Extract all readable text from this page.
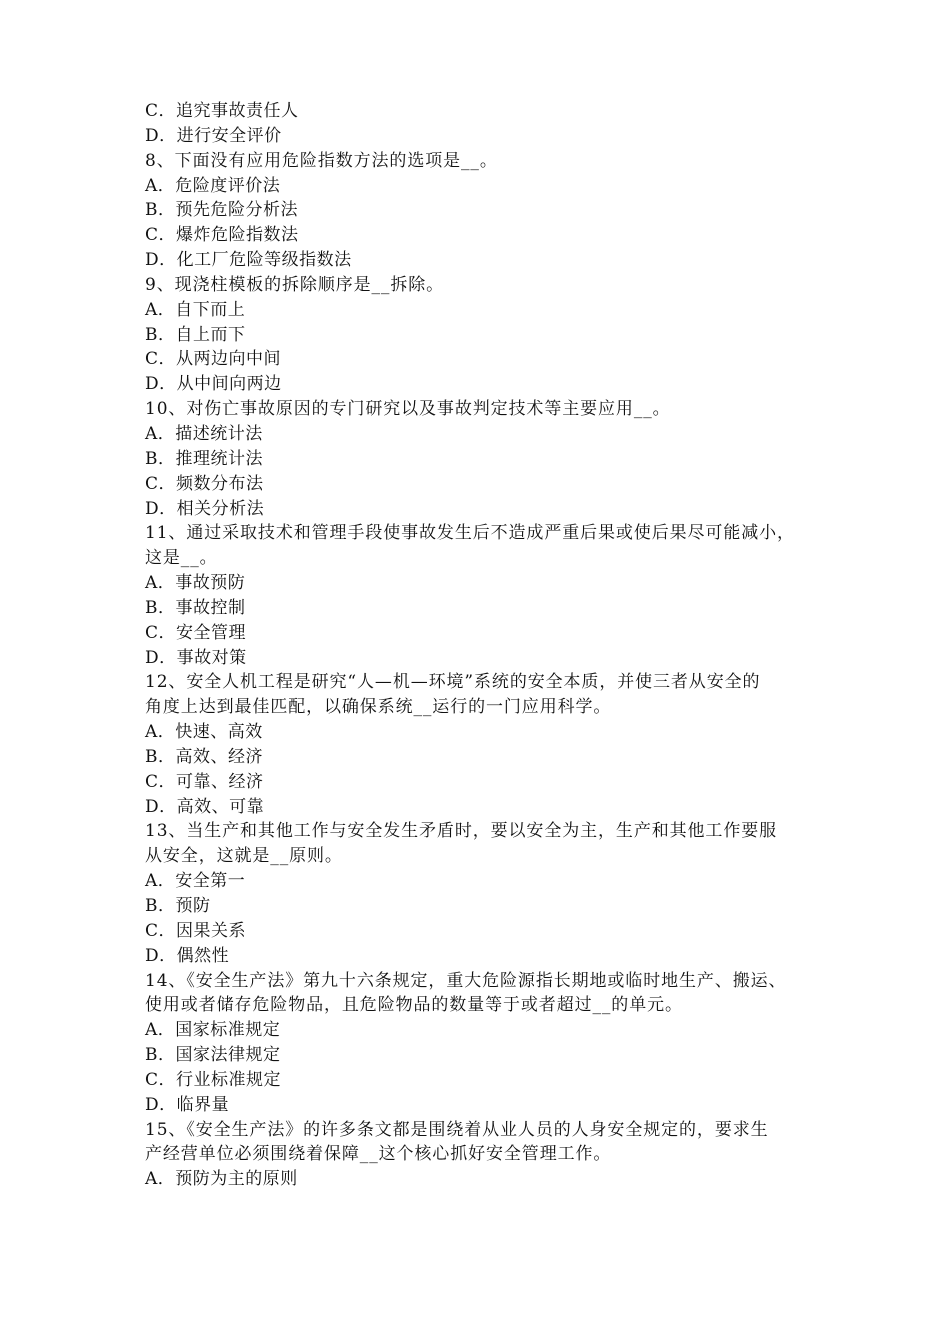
C．追究事故责任人
D．进行安全评价
8、下面没有应用危险指数方法的选项是__。
A．危险度评价法
B．预先危险分析法
C．爆炸危险指数法
D．化工厂危险等级指数法
9、现浇柱模板的拆除顺序是__拆除。
A．自下而上
B．自上而下
C．从两边向中间
D．从中间向两边
10、对伤亡事故原因的专门研究以及事故判定技术等主要应用__。
A．描述统计法
B．推理统计法
C．频数分布法
D．相关分析法
11、通过采取技术和管理手段使事故发生后不造成严重后果或使后果尽可能减小，
这是__。
A．事故预防
B．事故控制
C．安全管理
D．事故对策
12、安全人机工程是研究“人—机—环境”系统的安全本质，并使三者从安全的
角度上达到最佳匹配，以确保系统__运行的一门应用科学。
A．快速、高效
B．高效、经济
C．可靠、经济
D．高效、可靠
13、当生产和其他工作与安全发生矛盾时，要以安全为主，生产和其他工作要服
从安全，这就是__原则。
A．安全第一
B．预防
C．因果关系
D．偶然性
14、《安全生产法》第九十六条规定，重大危险源指长期地或临时地生产、搬运、
使用或者储存危险物品，且危险物品的数量等于或者超过__的单元。
A．国家标准规定
B．国家法律规定
C．行业标准规定
D．临界量
15、《安全生产法》的许多条文都是围绕着从业人员的人身安全规定的，要求生
产经营单位必须围绕着保障__这个核心抓好安全管理工作。
A．预防为主的原则
